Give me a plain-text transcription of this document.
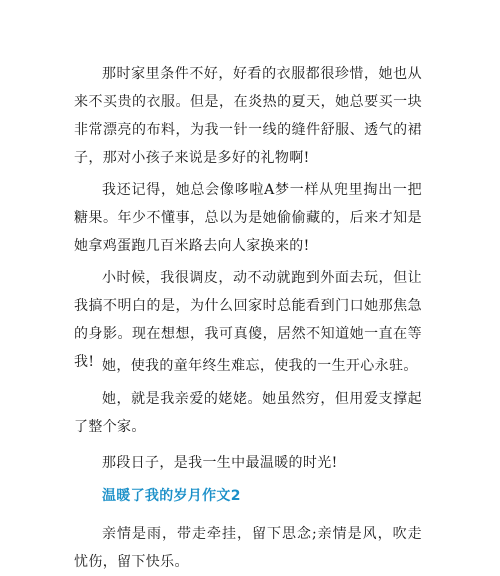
那时家里条件不好，好看的衣服都很珍惜，她也从来不买贵的衣服。但是，在炎热的夏天，她总要买一块非常漂亮的布料，为我一针一线的缝件舒服、透气的裙子，那对小孩子来说是多好的礼物啊!

我还记得，她总会像哆啦A梦一样从兜里掏出一把糖果。年少不懂事，总以为是她偷偷藏的，后来才知是她拿鸡蛋跑几百米路去向人家换来的!

小时候，我很调皮，动不动就跑到外面去玩，但让我搞不明白的是，为什么回家时总能看到门口她那焦急的身影。现在想想，我可真傻，居然不知道她一直在等我! 她，使我的童年终生难忘，使我的一生开心永驻。

她，就是我亲爱的姥姥。她虽然穷，但用爱支撑起了整个家。

那段日子，是我一生中最温暖的时光!

温暖了我的岁月作文2

亲情是雨，带走牵挂，留下思念;亲情是风，吹走忧伤，留下快乐。
